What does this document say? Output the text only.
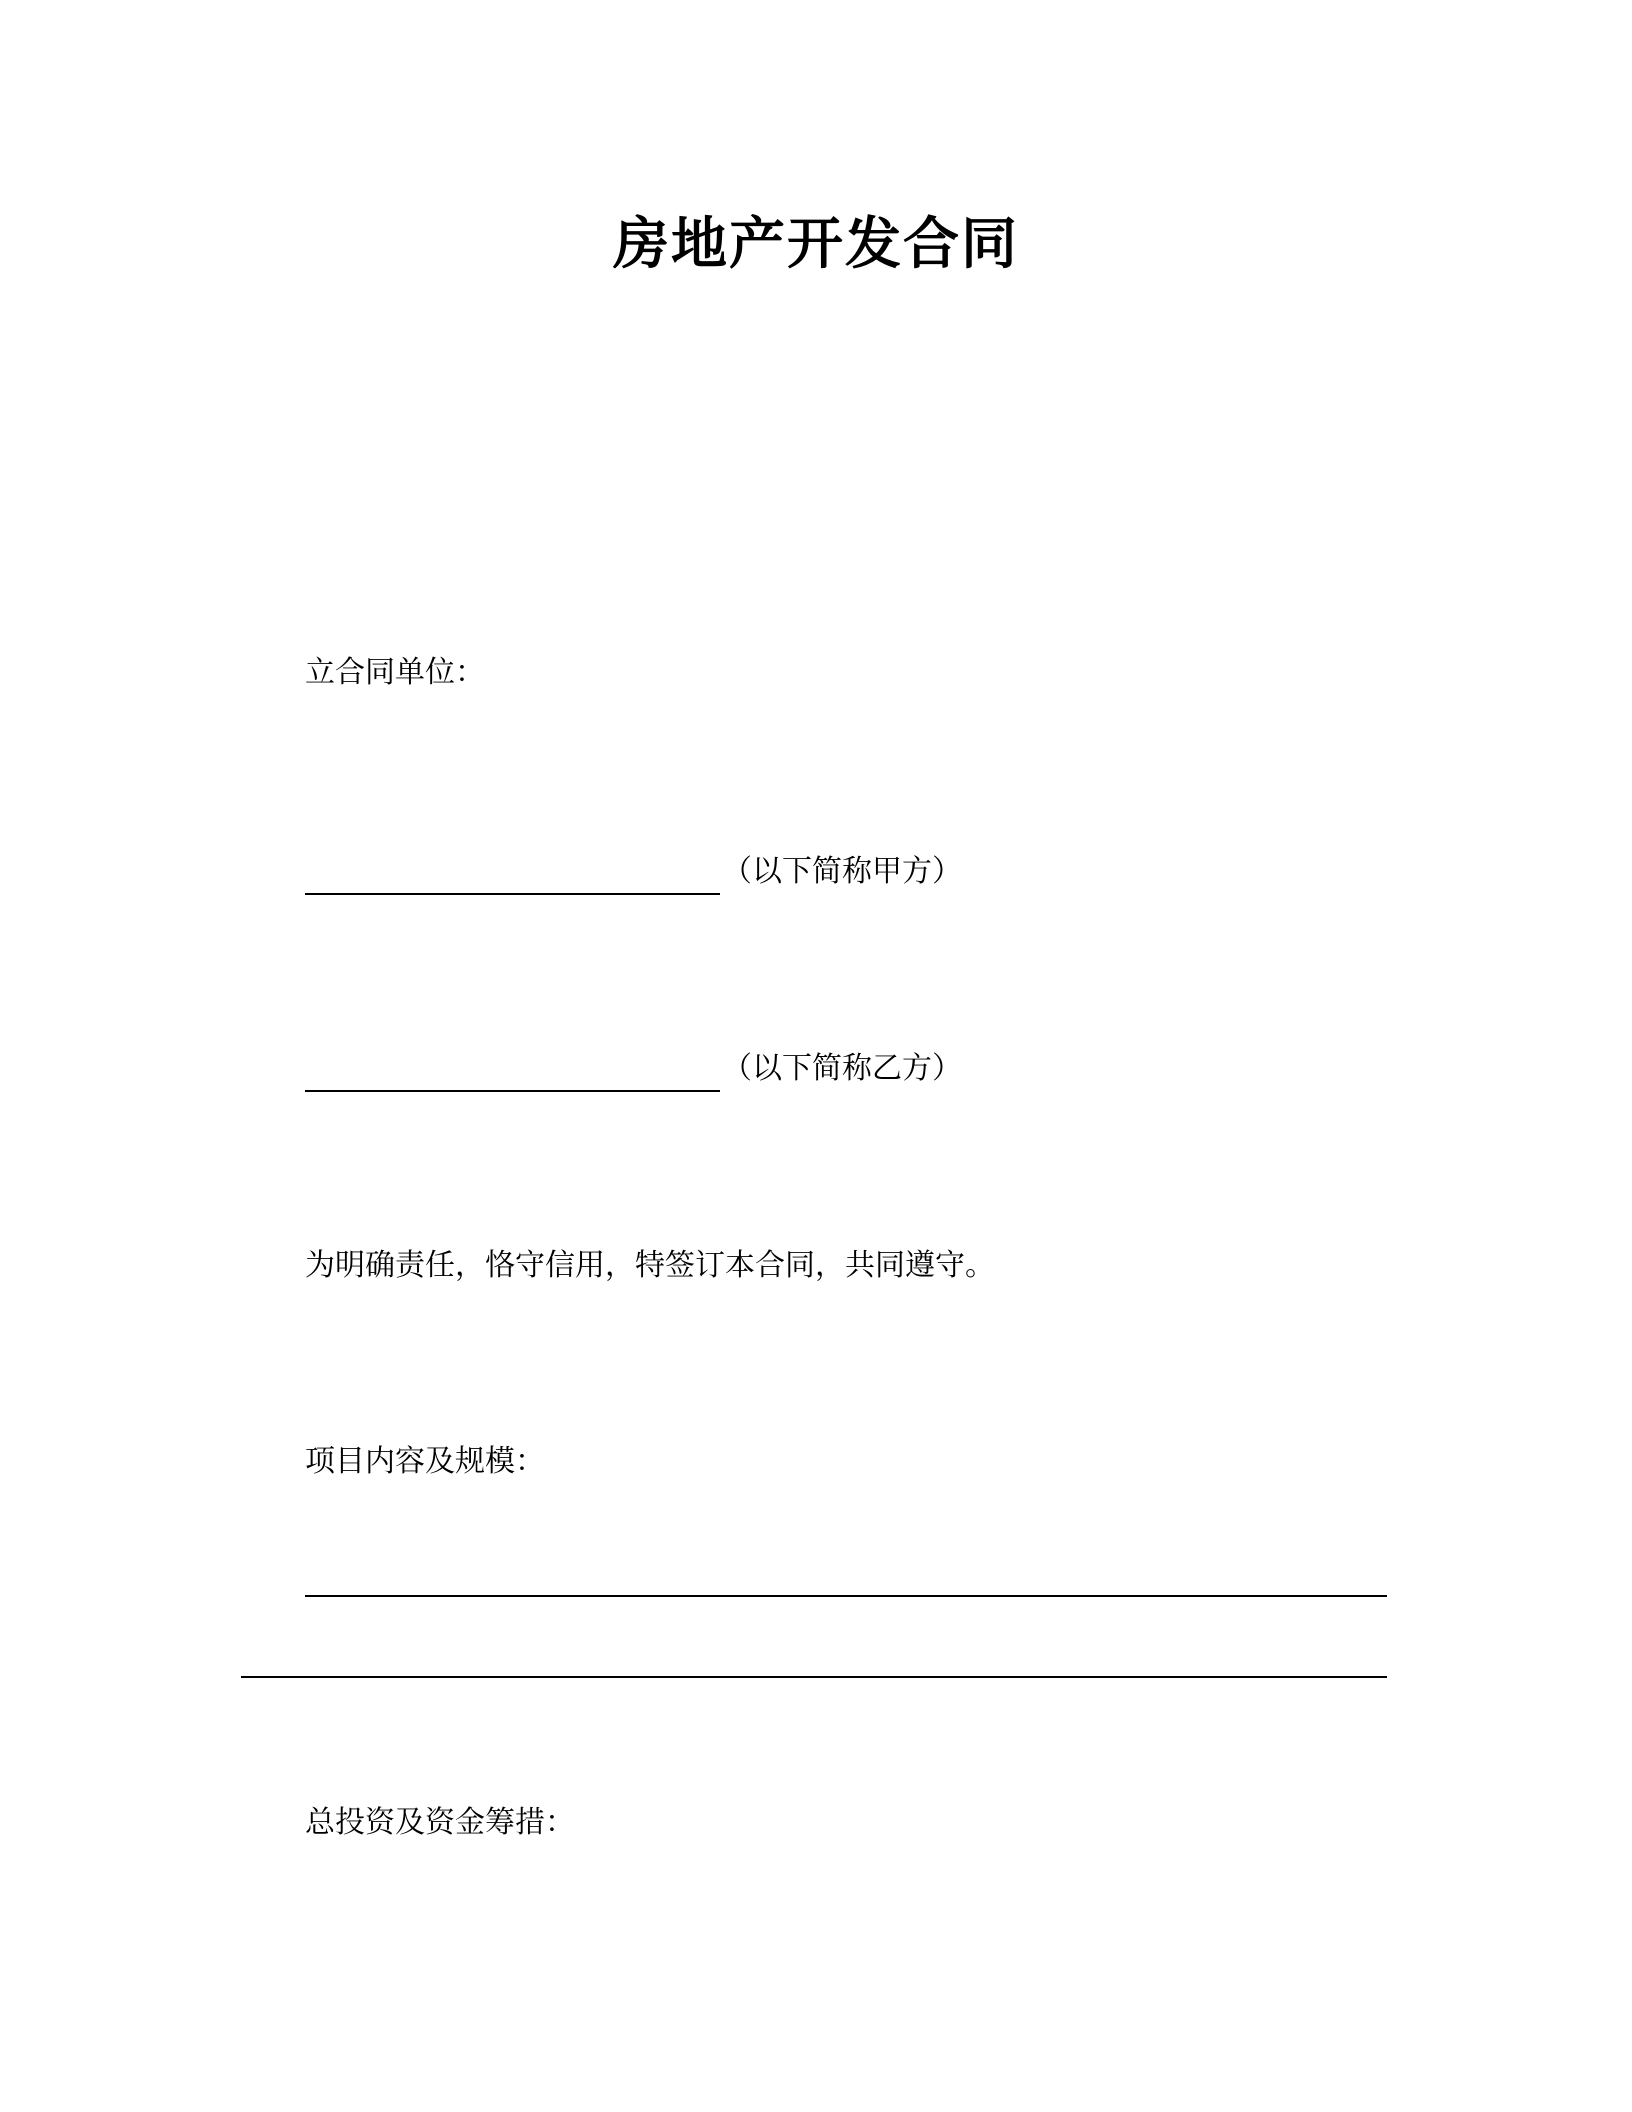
房地产开发合同
立合同单位：
（以下简称甲方）
（以下简称乙方）
为明确责任，恪守信用，特签订本合同，共同遵守。
项目内容及规模：
总投资及资金筹措：
